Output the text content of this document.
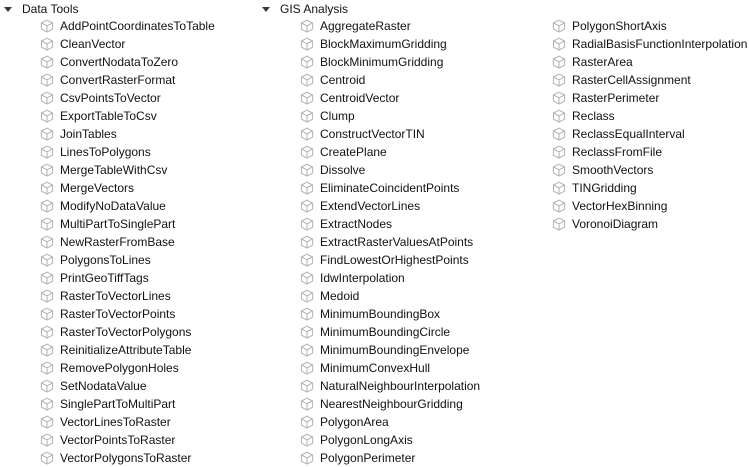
Data Tools
AddPointCoordinatesToTable
CleanVector
ConvertNodataToZero
ConvertRasterFormat
CsvPointsToVector
ExportTableToCsv
JoinTables
LinesToPolygons
MergeTableWithCsv
MergeVectors
ModifyNoDataValue
MultiPartToSinglePart
NewRasterFromBase
PolygonsToLines
PrintGeoTiffTags
RasterToVectorLines
RasterToVectorPoints
RasterToVectorPolygons
ReinitializeAttributeTable
RemovePolygonHoles
SetNodataValue
SinglePartToMultiPart
VectorLinesToRaster
VectorPointsToRaster
VectorPolygonsToRaster
GIS Analysis
AggregateRaster
BlockMaximumGridding
BlockMinimumGridding
Centroid
CentroidVector
Clump
ConstructVectorTIN
CreatePlane
Dissolve
EliminateCoincidentPoints
ExtendVectorLines
ExtractNodes
ExtractRasterValuesAtPoints
FindLowestOrHighestPoints
IdwInterpolation
Medoid
MinimumBoundingBox
MinimumBoundingCircle
MinimumBoundingEnvelope
MinimumConvexHull
NaturalNeighbourInterpolation
NearestNeighbourGridding
PolygonArea
PolygonLongAxis
PolygonPerimeter
PolygonShortAxis
RadialBasisFunctionInterpolation
RasterArea
RasterCellAssignment
RasterPerimeter
Reclass
ReclassEqualInterval
ReclassFromFile
SmoothVectors
TINGridding
VectorHexBinning
VoronoiDiagram
